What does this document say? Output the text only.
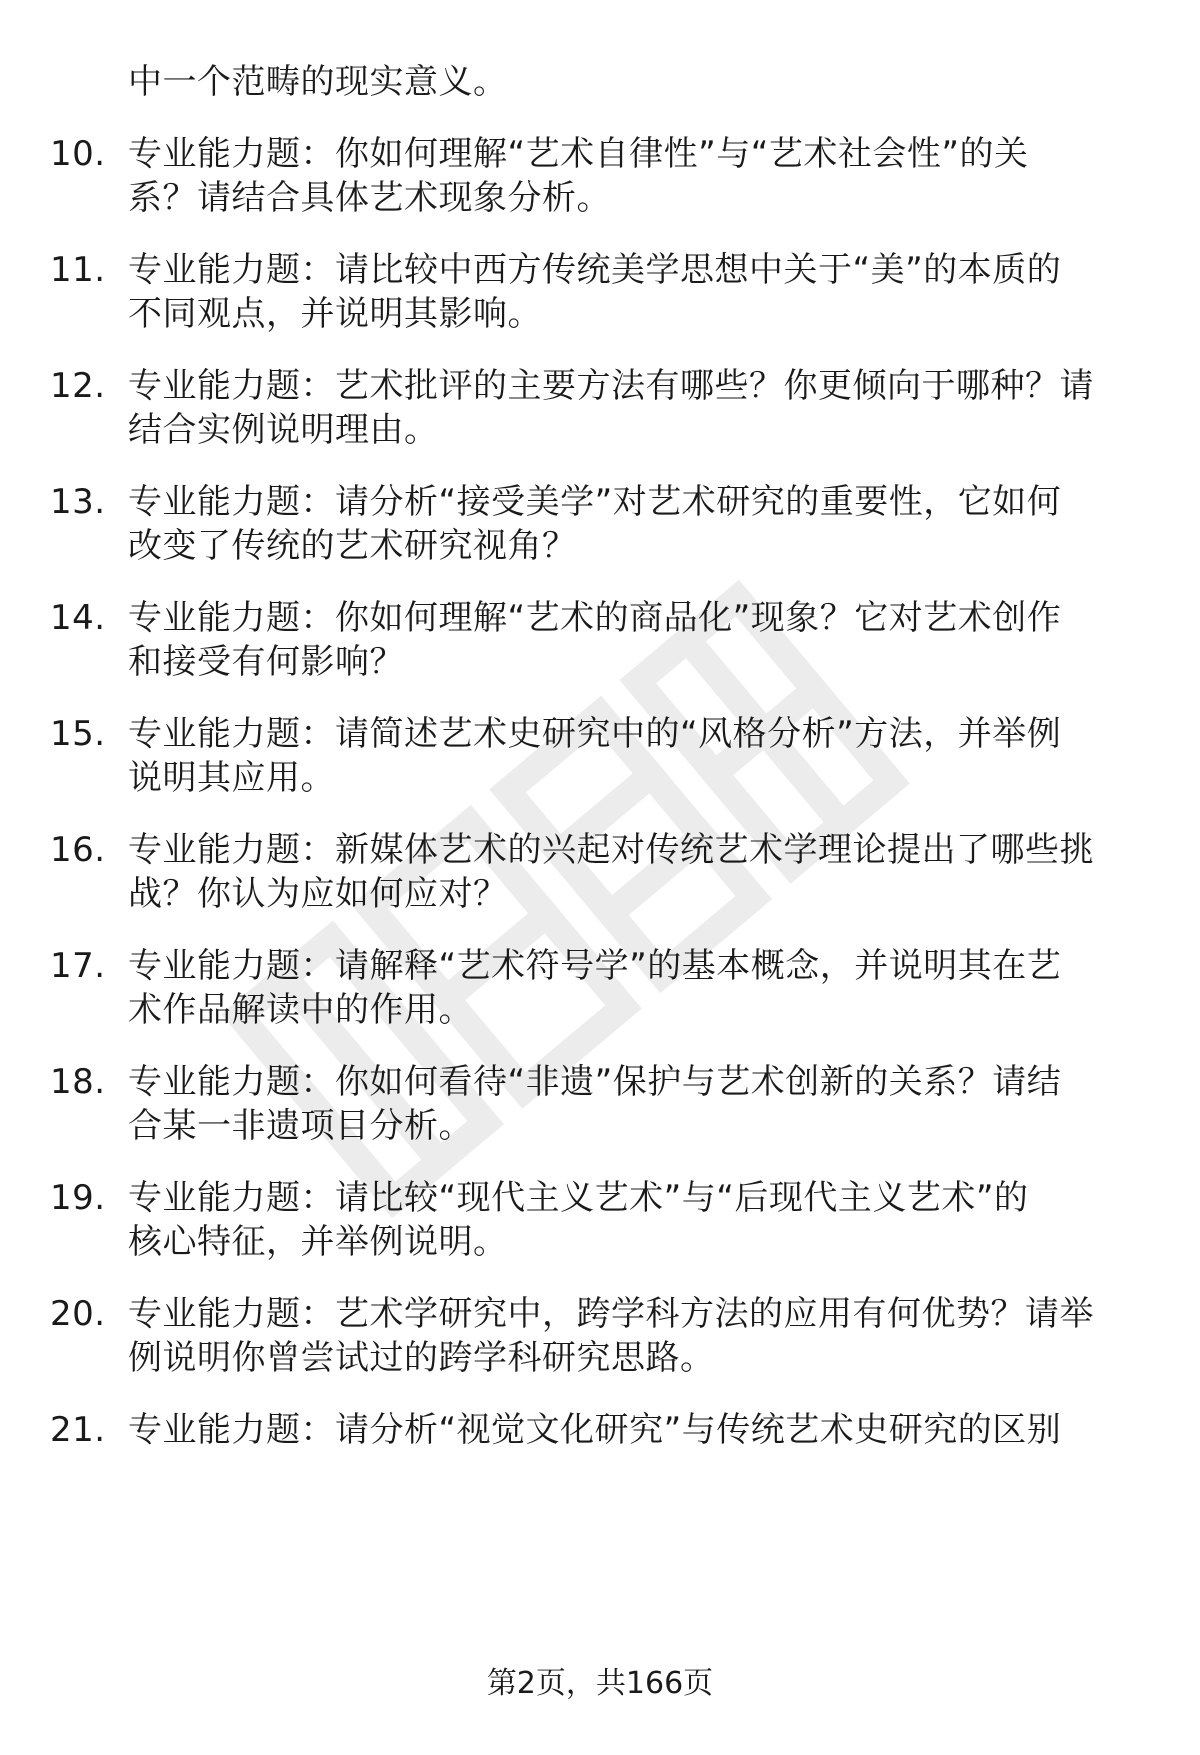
中一个范畴的现实意义。
10. 专业能力题：你如何理解“艺术自律性”与“艺术社会性”的关
系？请结合具体艺术现象分析。
11. 专业能力题：请比较中西方传统美学思想中关于“美”的本质的
不同观点，并说明其影响。
12. 专业能力题：艺术批评的主要方法有哪些？你更倾向于哪种？请
结合实例说明理由。
13. 专业能力题：请分析“接受美学”对艺术研究的重要性，它如何
改变了传统的艺术研究视角？
14. 专业能力题：你如何理解“艺术的商品化”现象？它对艺术创作
和接受有何影响？
15. 专业能力题：请简述艺术史研究中的“风格分析”方法，并举例
说明其应用。
16. 专业能力题：新媒体艺术的兴起对传统艺术学理论提出了哪些挑
战？你认为应如何应对？
17. 专业能力题：请解释“艺术符号学”的基本概念，并说明其在艺
术作品解读中的作用。
18. 专业能力题：你如何看待“非遗”保护与艺术创新的关系？请结
合某一非遗项目分析。
19. 专业能力题：请比较“现代主义艺术”与“后现代主义艺术”的
核心特征，并举例说明。
20. 专业能力题：艺术学研究中，跨学科方法的应用有何优势？请举
例说明你曾尝试过的跨学科研究思路。
21. 专业能力题：请分析“视觉文化研究”与传统艺术史研究的区别
第2页，共166页
